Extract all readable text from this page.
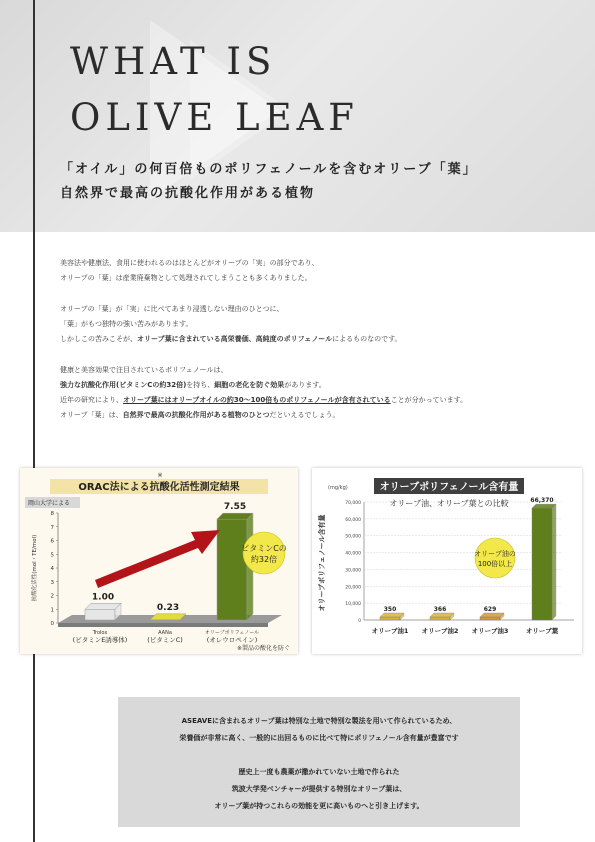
WHAT IS
OLIVE LEAF
「オイル」の何百倍ものポリフェノールを含むオリーブ「葉」
自然界で最高の抗酸化作用がある植物

美容法や健康法、食用に使われるのはほとんどがオリーブの「実」の部分であり、

オリーブの「葉」は産業廃棄物として処理されてしまうことも多くありました。

オリーブの「葉」が「実」に比べてあまり浸透しない理由のひとつに、

「葉」がもつ独特の強い苦みがあります。

しかしこの苦みこそが、オリーブ葉に含まれている高栄養価、高純度のポリフェノールによるものなのです。

健康と美容効果で注目されているポリフェノールは、

強力な抗酸化作用(ビタミンCの約32倍)を持ち、細胞の老化を防ぐ効果があります。

近年の研究により、オリーブ葉にはオリーブオイルの約30〜100倍ものポリフェノールが含有されていることが分かっています。

オリーブ「葉」は、自然界で最高の抗酸化作用がある植物のひとつだといえるでしょう。

※
ORAC法による抗酸化活性測定結果
岡山大学による
0
1
2
3
4
5
6
7
8
抗酸化活性(mol・TE/mol)	1.00
Trolox
(ビタミンE誘導体)
0.23
AANa
(ビタミンC)
7.55
オリーブポリフェノール
(オレウロペイン)
ビタミンCの
約32倍
※製品の酸化を防ぐ
オリーブポリフェノール含有量
オリーブ油、オリーブ葉との比較
(mg/kg)
0
10,000
20,000
30,000
40,000
50,000
60,000
70,000
オリーブポリフェノール含有量	350
オリーブ油1
366
オリーブ油2
629
オリーブ油3
66,370
オリーブ葉
オリーブ油の
100倍以上

ASEAVEに含まれるオリーブ葉は特別な土地で特別な製法を用いて作られているため、

栄養価が非常に高く、一般的に出回るものに比べて特にポリフェノール含有量が豊富です

歴史上一度も農薬が撒かれていない土地で作られた

筑波大学発ベンチャーが提供する特別なオリーブ葉は、

オリーブ葉が持つこれらの効能を更に高いものへと引き上げます。
